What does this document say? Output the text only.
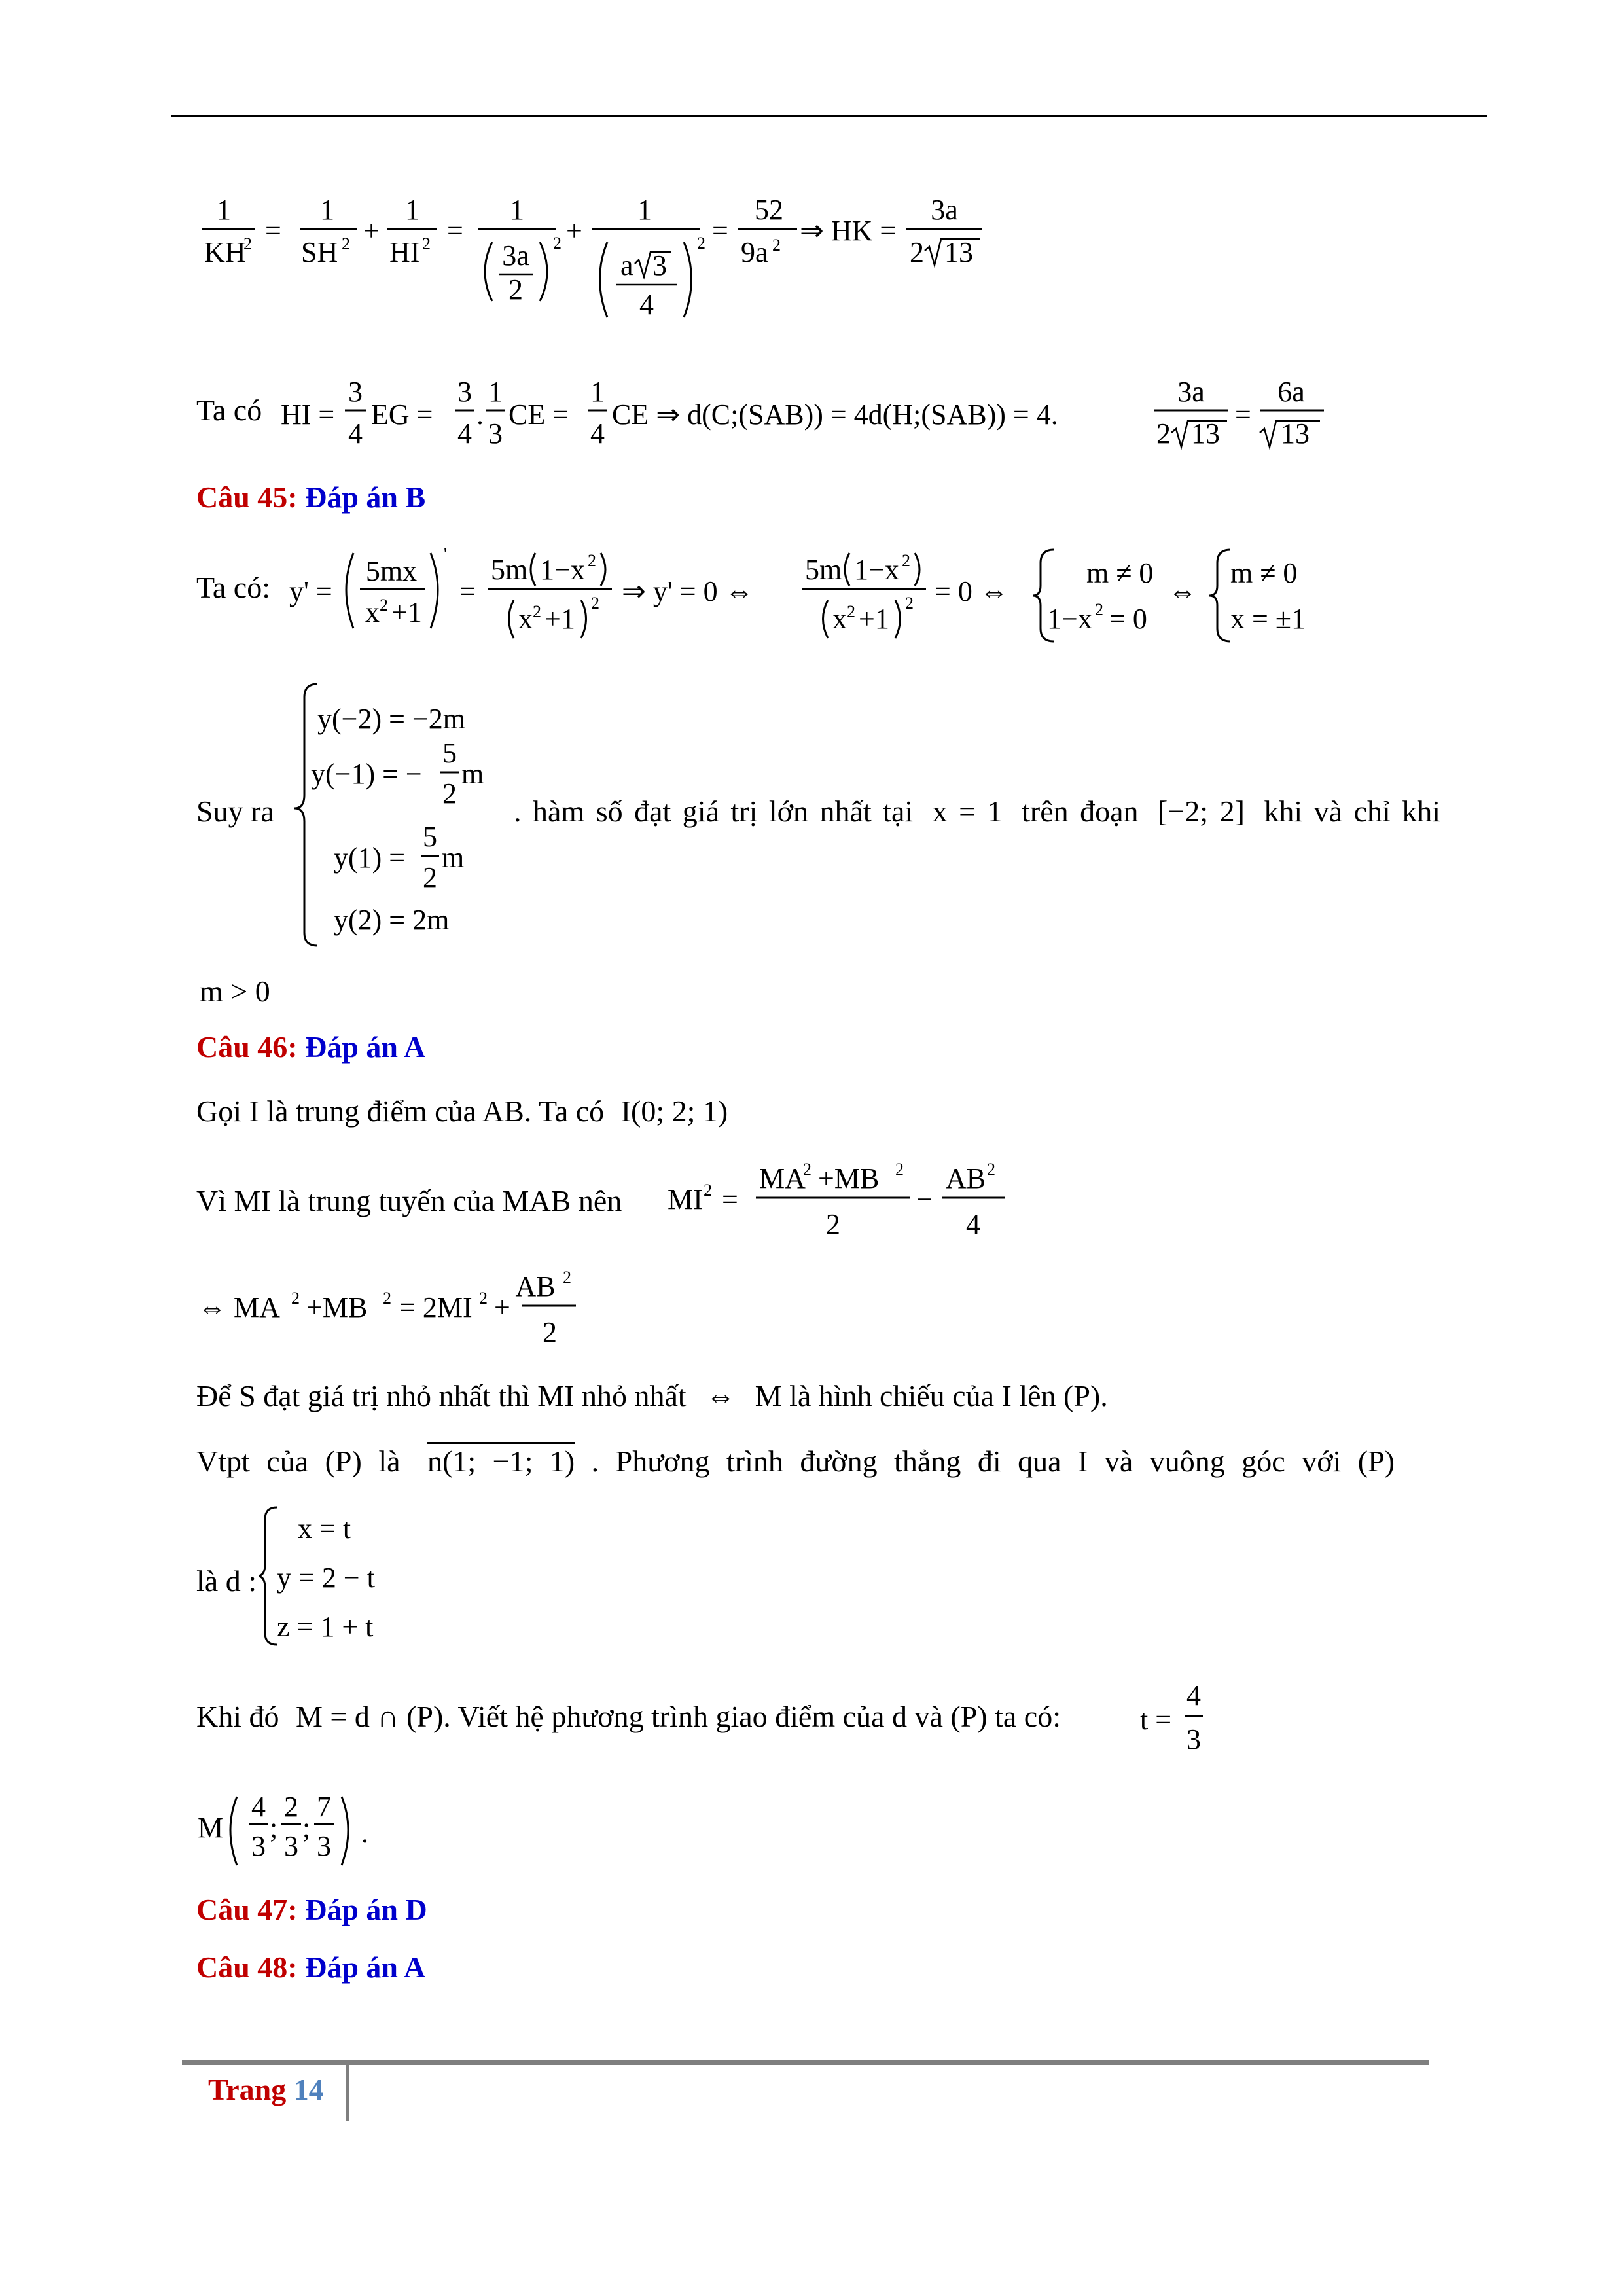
1
KH
2 =
1
SH 2 +
1
HI 2 =
1
3a
2
2 +
1
a 3
4
2 =
52
9a 2 ⇒ HK =
3a
2 13
Ta có HI =
3
4
EG =
3
4
.
1
3
CE =
1
4
CE ⇒ d(C;(SAB)) = 4d(H;(SAB)) = 4.
3a
2 13
=
6a
13
Câu 45: Đáp án B
Ta có: y' =
5mx
x 2 +1
'
=
5m 1−x 2
x 2 +1 2 ⇒ y' = 0 ⇔
5m 1−x 2
x 2 +1 2 = 0 ⇔
m ≠ 0
1−x 2 = 0
⇔
m ≠ 0
x = ±1
Suy ra
y(−2) = −2m
y(−1) = −
5
2
m
y(1) =
5
2
m
y(2) = 2m
. hàm số đạt giá trị lớn nhất tại x = 1 trên đoạn [−2; 2] khi và chỉ khi
m > 0
Câu 46: Đáp án A
Gọi I là trung điểm của AB. Ta có I(0; 2; 1)
Vì MI là trung tuyến của MAB nên MI 2 =
MA
2 +MB 2
2
−
AB 2
4
⇔ MA 2 +MB 2 = 2MI 2 +
AB 2
2
Để S đạt giá trị nhỏ nhất thì MI nhỏ nhất ⇔ M là hình chiếu của I lên (P).
Vtpt của (P) là n(1; −1; 1) . Phương trình đường thẳng đi qua I và vuông góc với (P)
là d :
x = t
y = 2 − t
z = 1 + t
Khi đó M = d ∩ (P). Viết hệ phương trình giao điểm của d và (P) ta có:	t =
4
3
M
4
3
;
2
3
;
7
3 .
Câu 47: Đáp án D
Câu 48: Đáp án A
Trang 14
